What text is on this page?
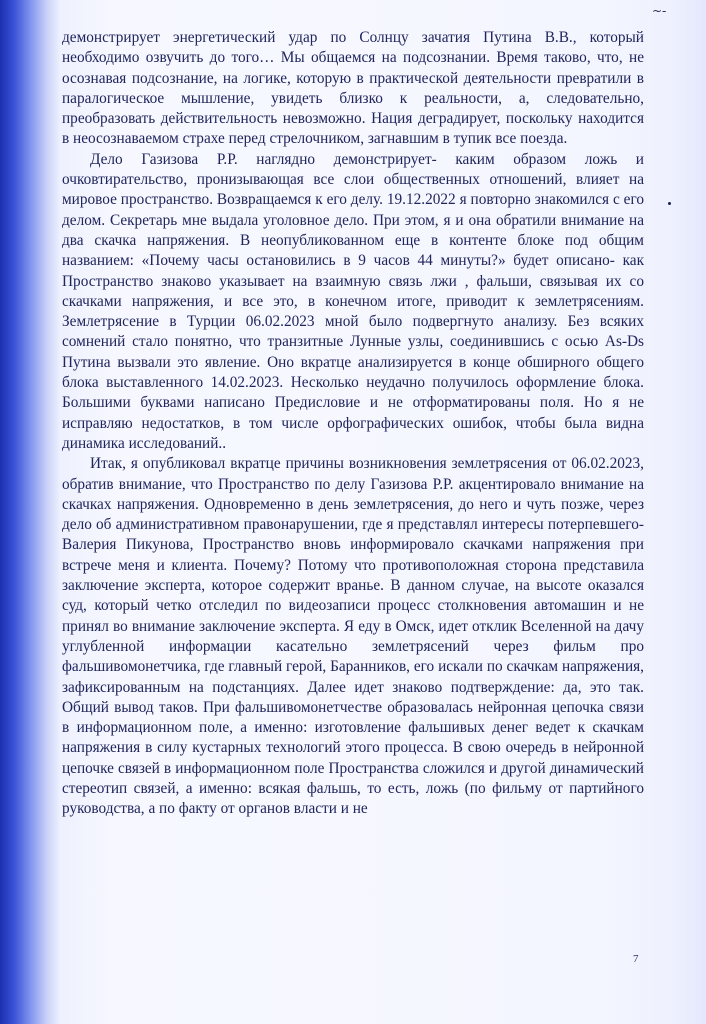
~-

демонстрирует энергетический удар по Солнцу зачатия Путина В.В., который необходимо озвучить до того… Мы общаемся на подсознании. Время таково, что, не осознавая подсознание, на логике, которую в практической деятельности превратили в паралогическое мышление, увидеть близко к реальности, а, следовательно, преобразовать действительность невозможно. Нация деградирует, поскольку находится в неосознаваемом страхе перед стрелочником, загнавшим в тупик все поезда.

Дело Газизова Р.Р. наглядно демонстрирует- каким образом ложь и очковтирательство, пронизывающая все слои общественных отношений, влияет на мировое пространство. Возвращаемся к его делу. 19.12.2022 я повторно знакомился с его делом. Секретарь мне выдала уголовное дело. При этом, я и она обратили внимание на два скачка напряжения. В неопубликованном еще в контенте блоке под общим названием: «Почему часы остановились в 9 часов 44 минуты?» будет описано- как Пространство знаково указывает на взаимную связь лжи , фальши, связывая их со скачками напряжения, и все это, в конечном итоге, приводит к землетрясениям. Землетрясение в Турции 06.02.2023 мной было подвергнуто анализу. Без всяких сомнений стало понятно, что транзитные Лунные узлы, соединившись с осью As-Ds Путина вызвали это явление. Оно вкратце анализируется в конце обширного общего блока выставленного 14.02.2023. Несколько неудачно получилось оформление блока. Большими буквами написано Предисловие и не отформатированы поля. Но я не исправляю недостатков, в том числе орфографических ошибок, чтобы была видна динамика исследований..

Итак, я опубликовал вкратце причины возникновения землетрясения от 06.02.2023, обратив внимание, что Пространство по делу Газизова Р.Р. акцентировало внимание на скачках напряжения. Одновременно в день землетрясения, до него и чуть позже, через дело об административном правонарушении, где я представлял интересы потерпевшего- Валерия Пикунова, Пространство вновь информировало скачками напряжения при встрече меня и клиента. Почему? Потому что противоположная сторона представила заключение эксперта, которое содержит вранье. В данном случае, на высоте оказался суд, который четко отследил по видеозаписи процесс столкновения автомашин и не принял во внимание заключение эксперта. Я еду в Омск, идет отклик Вселенной на дачу углубленной информации касательно землетрясений через фильм про фальшивомонетчика, где главный герой, Баранников, его искали по скачкам напряжения, зафиксированным на подстанциях. Далее идет знаково подтверждение: да, это так. Общий вывод таков. При фальшивомонетчестве образовалась нейронная цепочка связи в информационном поле, а именно: изготовление фальшивых денег ведет к скачкам напряжения в силу кустарных технологий этого процесса. В свою очередь в нейронной цепочке связей в информационном поле Пространства сложился и другой динамический стереотип связей, а именно: всякая фальшь, то есть, ложь (по фильму от партийного руководства, а по факту от органов власти и не

7
